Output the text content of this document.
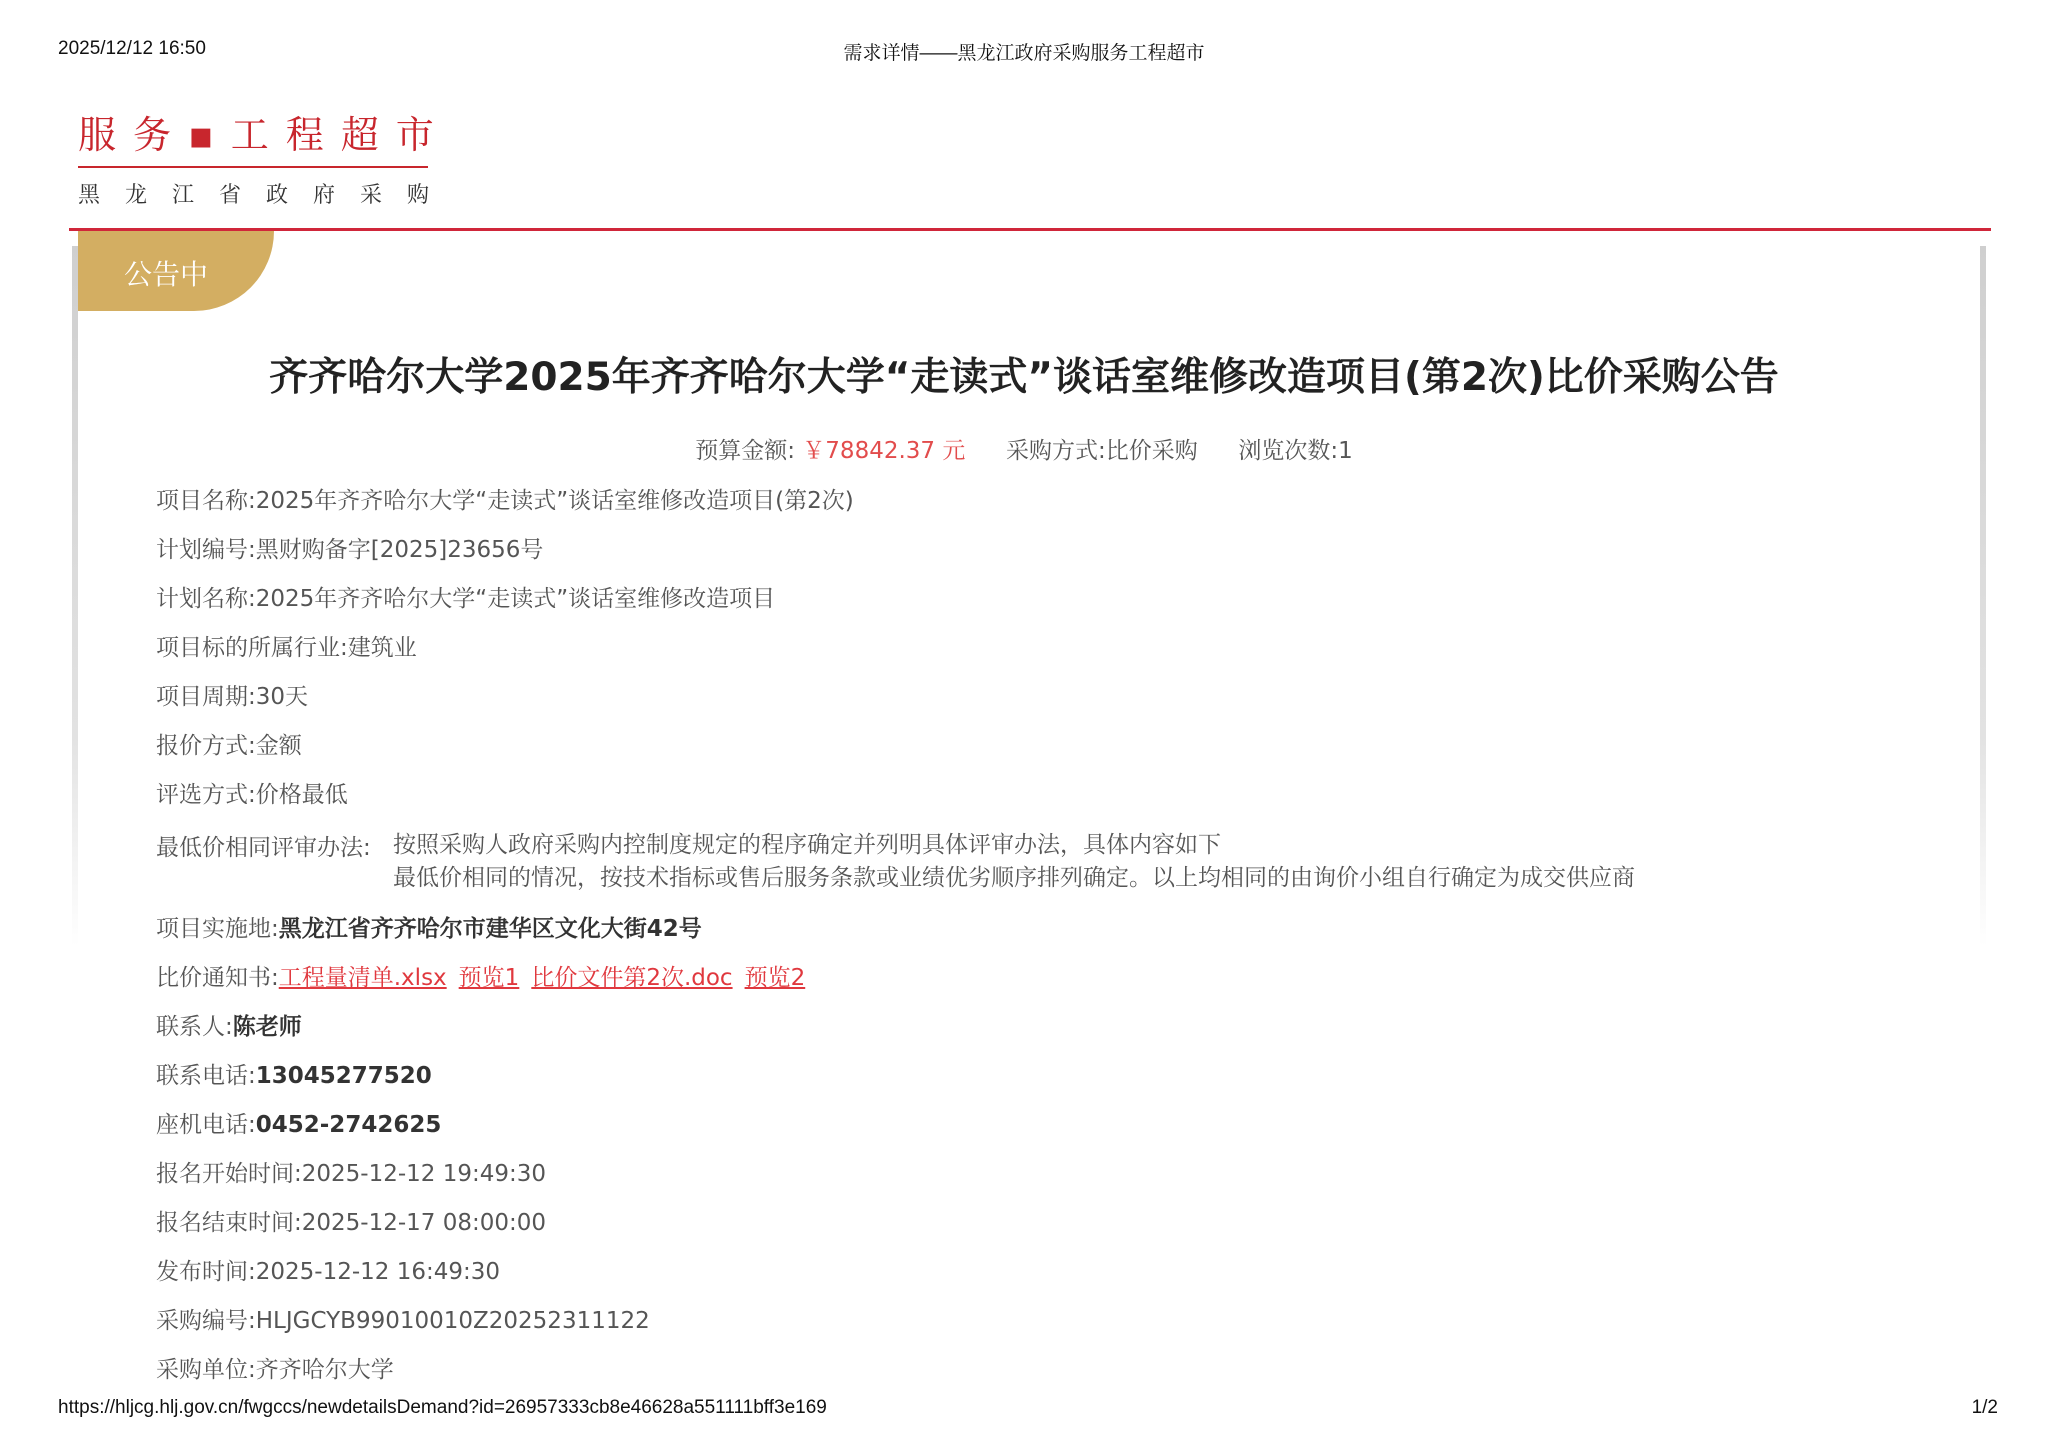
2025/12/12 16:50	需求详情——黑龙江政府采购服务工程超市
服务▪工程超市
黑龙江省政府采购
公告中
齐齐哈尔大学2025年齐齐哈尔大学“走读式”谈话室维修改造项目(第2次)比价采购公告
预算金额: ￥78842.37 元 采购方式:比价采购 浏览次数:1
项目名称:2025年齐齐哈尔大学“走读式”谈话室维修改造项目(第2次)
计划编号:黑财购备字[2025]23656号
计划名称:2025年齐齐哈尔大学“走读式”谈话室维修改造项目
项目标的所属行业:建筑业
项目周期:30天
报价方式:金额
评选方式:价格最低
最低价相同评审办法: 按照采购人政府采购内控制度规定的程序确定并列明具体评审办法，具体内容如下
最低价相同的情况，按技术指标或售后服务条款或业绩优劣顺序排列确定。以上均相同的由询价小组自行确定为成交供应商
项目实施地:黑龙江省齐齐哈尔市建华区文化大街42号
比价通知书:工程量清单.xlsx 预览1 比价文件第2次.doc 预览2
联系人:陈老师
联系电话:13045277520
座机电话:0452-2742625
报名开始时间:2025-12-12 19:49:30
报名结束时间:2025-12-17 08:00:00
发布时间:2025-12-12 16:49:30
采购编号:HLJGCYB99010010Z20252311122
采购单位:齐齐哈尔大学
https://hljcg.hlj.gov.cn/fwgccs/newdetailsDemand?id=26957333cb8e46628a551111bff3e169	1/2
